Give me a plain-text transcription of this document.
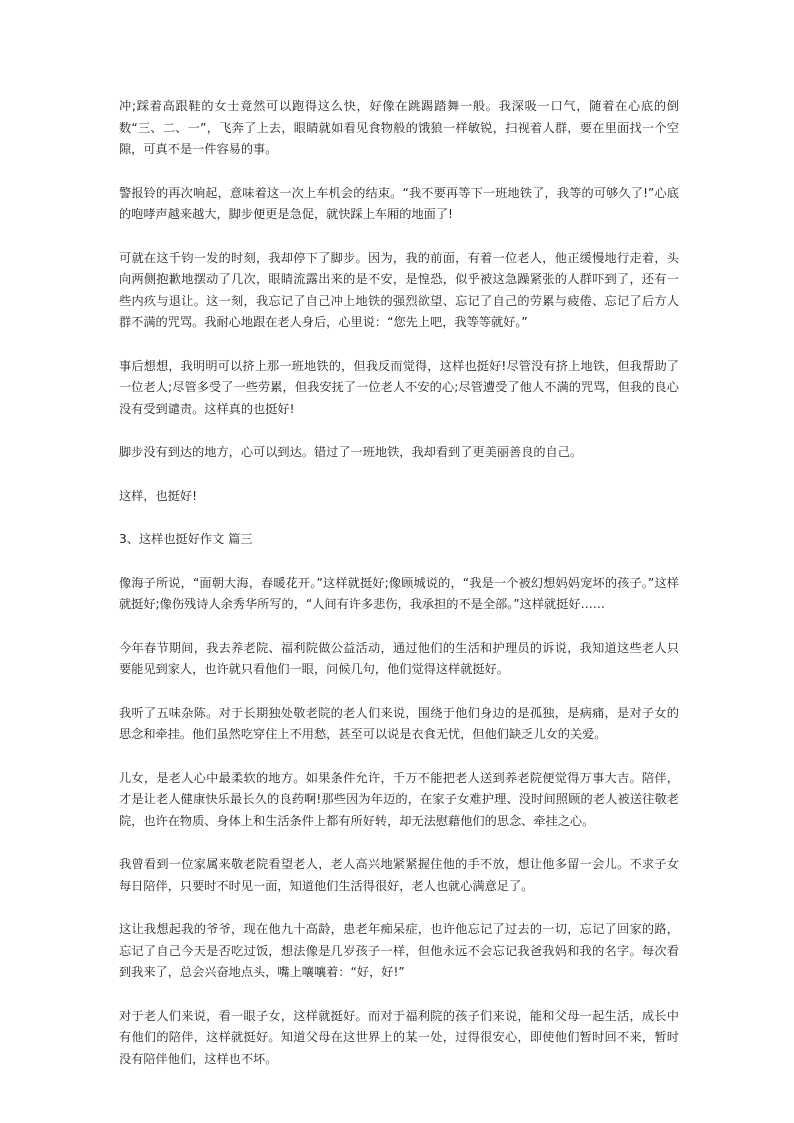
冲;踩着高跟鞋的女士竟然可以跑得这么快，好像在跳踢踏舞一般。我深吸一口气，随着在心底的倒数“三、二、一”，飞奔了上去，眼睛就如看见食物般的饿狼一样敏锐，扫视着人群，要在里面找一个空隙，可真不是一件容易的事。

警报铃的再次响起，意味着这一次上车机会的结束。“我不要再等下一班地铁了，我等的可够久了!”心底的咆哮声越来越大，脚步便更是急促，就快踩上车厢的地面了!

可就在这千钧一发的时刻，我却停下了脚步。因为，我的前面，有着一位老人，他正缓慢地行走着，头向两侧抱歉地摆动了几次，眼睛流露出来的是不安，是惶恐，似乎被这急躁紧张的人群吓到了，还有一些内疚与退让。这一刻，我忘记了自己冲上地铁的强烈欲望、忘记了自己的劳累与疲倦、忘记了后方人群不满的咒骂。我耐心地跟在老人身后，心里说：“您先上吧，我等等就好。”

事后想想，我明明可以挤上那一班地铁的，但我反而觉得，这样也挺好!尽管没有挤上地铁，但我帮助了一位老人;尽管多受了一些劳累，但我安抚了一位老人不安的心;尽管遭受了他人不满的咒骂，但我的良心没有受到谴责。这样真的也挺好!

脚步没有到达的地方，心可以到达。错过了一班地铁，我却看到了更美丽善良的自己。

这样，也挺好!

3、这样也挺好作文 篇三

像海子所说，“面朝大海，春暖花开。”这样就挺好;像顾城说的，“我是一个被幻想妈妈宠坏的孩子。”这样就挺好;像伤残诗人余秀华所写的，“人间有许多悲伤，我承担的不是全部。”这样就挺好……

今年春节期间，我去养老院、福利院做公益活动，通过他们的生活和护理员的诉说，我知道这些老人只要能见到家人，也许就只看他们一眼，问候几句，他们觉得这样就挺好。

我听了五味杂陈。对于长期独处敬老院的老人们来说，围绕于他们身边的是孤独，是病痛，是对子女的思念和牵挂。他们虽然吃穿住上不用愁，甚至可以说是衣食无忧，但他们缺乏儿女的关爱。

儿女，是老人心中最柔软的地方。如果条件允许，千万不能把老人送到养老院便觉得万事大吉。陪伴，才是让老人健康快乐最长久的良药啊!那些因为年迈的，在家子女难护理、没时间照顾的老人被送往敬老院，也许在物质、身体上和生活条件上都有所好转，却无法慰藉他们的思念、牵挂之心。

我曾看到一位家属来敬老院看望老人，老人高兴地紧紧握住他的手不放，想让他多留一会儿。不求子女每日陪伴，只要时不时见一面，知道他们生活得很好，老人也就心满意足了。

这让我想起我的爷爷，现在他九十高龄，患老年痴呆症，也许他忘记了过去的一切，忘记了回家的路，忘记了自己今天是否吃过饭，想法像是几岁孩子一样，但他永远不会忘记我爸我妈和我的名字。每次看到我来了，总会兴奋地点头，嘴上嚷嚷着：“好，好!”

对于老人们来说，看一眼子女，这样就挺好。而对于福利院的孩子们来说，能和父母一起生活，成长中有他们的陪伴，这样就挺好。知道父母在这世界上的某一处，过得很安心，即使他们暂时回不来，暂时没有陪伴他们，这样也不坏。
